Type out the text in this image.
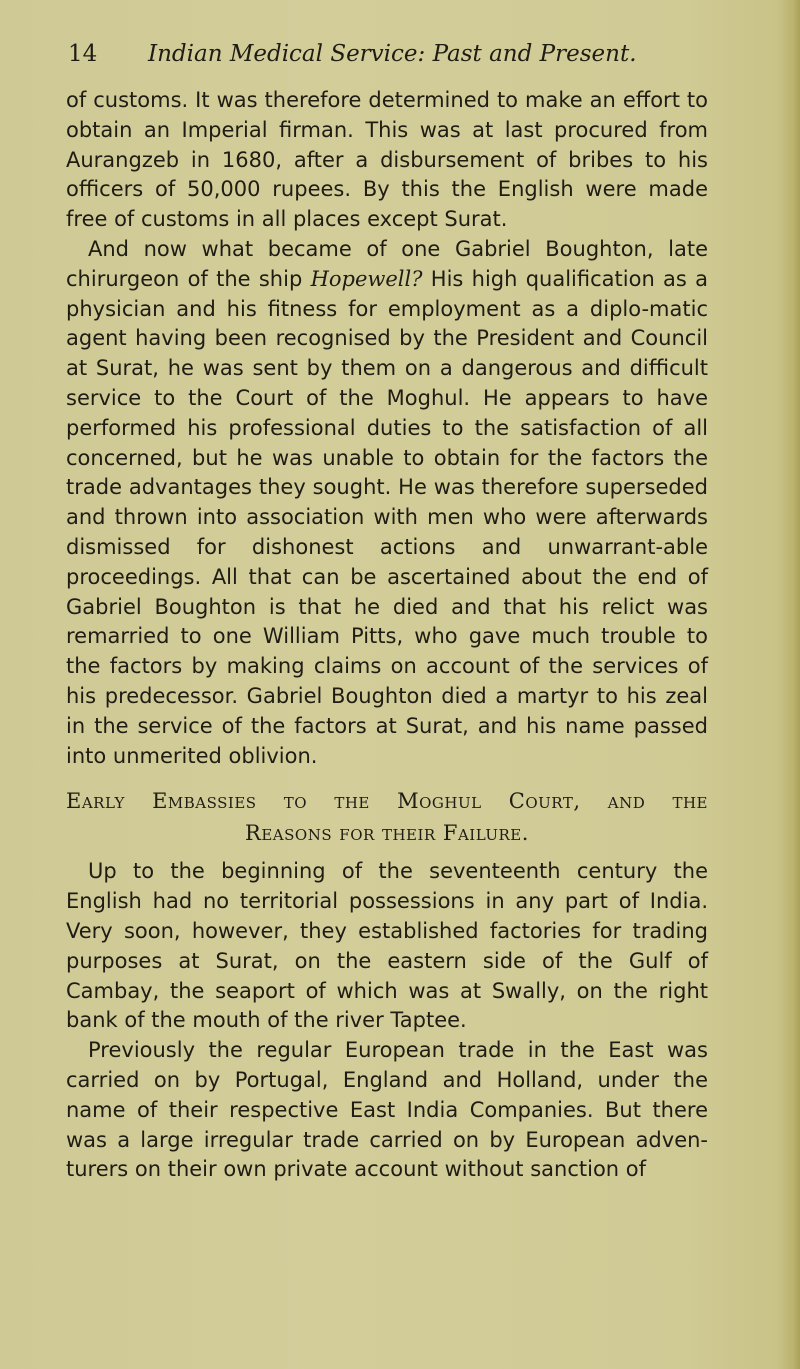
14 Indian Medical Service: Past and Present.

of customs. It was therefore determined to make an effort to obtain an Imperial firman. This was at last procured from Aurangzeb in 1680, after a disbursement of bribes to his officers of 50,000 rupees. By this the English were made free of customs in all places except Surat.

And now what became of one Gabriel Boughton, late chirurgeon of the ship Hopewell? His high qualification as a physician and his fitness for employment as a diplo-matic agent having been recognised by the President and Council at Surat, he was sent by them on a dangerous and difficult service to the Court of the Moghul. He appears to have performed his professional duties to the satisfaction of all concerned, but he was unable to obtain for the factors the trade advantages they sought. He was therefore superseded and thrown into association with men who were afterwards dismissed for dishonest actions and unwarrant-able proceedings. All that can be ascertained about the end of Gabriel Boughton is that he died and that his relict was remarried to one William Pitts, who gave much trouble to the factors by making claims on account of the services of his predecessor. Gabriel Boughton died a martyr to his zeal in the service of the factors at Surat, and his name passed into unmerited oblivion.

Early Embassies to the Moghul Court, and the
Reasons for their Failure.

Up to the beginning of the seventeenth century the English had no territorial possessions in any part of India. Very soon, however, they established factories for trading purposes at Surat, on the eastern side of the Gulf of Cambay, the seaport of which was at Swally, on the right bank of the mouth of the river Taptee.

Previously the regular European trade in the East was carried on by Portugal, England and Holland, under the name of their respective East India Companies. But there was a large irregular trade carried on by European adven-turers on their own private account without sanction of
